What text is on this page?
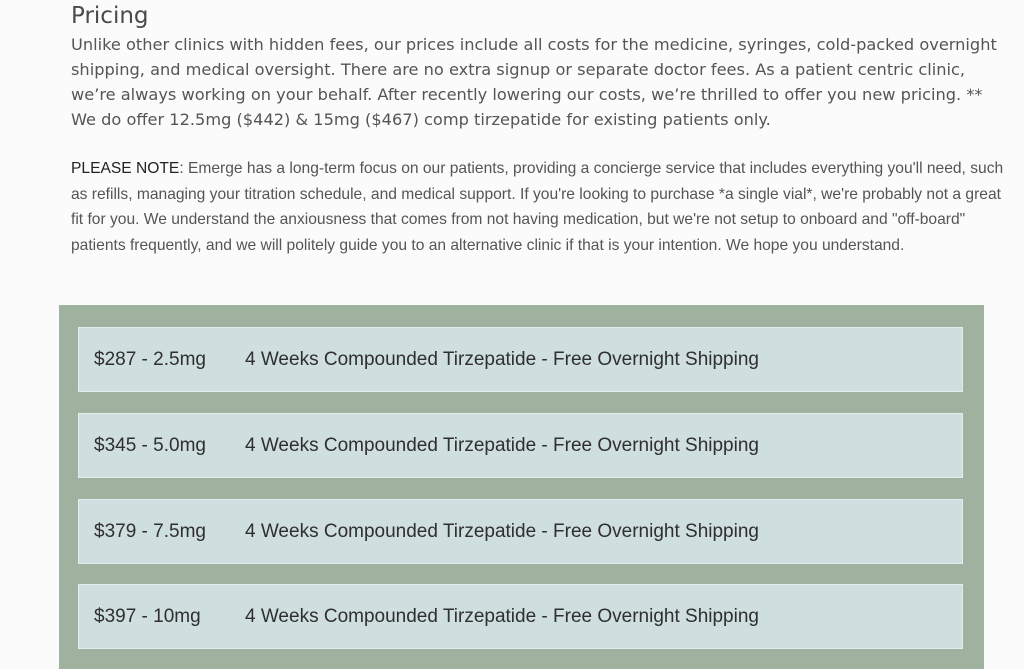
Pricing

Unlike other clinics with hidden fees, our prices include all costs for the medicine, syringes, cold-packed overnight shipping, and medical oversight. There are no extra signup or separate doctor fees. As a patient centric clinic, we’re always working on your behalf. After recently lowering our costs, we’re thrilled to offer you new pricing. ** We do offer 12.5mg ($442) & 15mg ($467) comp tirzepatide for existing patients only.

PLEASE NOTE: Emerge has a long-term focus on our patients, providing a concierge service that includes everything you'll need, such as refills, managing your titration schedule, and medical support. If you're looking to purchase *a single vial*, we're probably not a great fit for you. We understand the anxiousness that comes from not having medication, but we're not setup to onboard and "off-board" patients frequently, and we will politely guide you to an alternative clinic if that is your intention. We hope you understand.

$287 - 2.5mg 4 Weeks Compounded Tirzepatide - Free Overnight Shipping
$345 - 5.0mg 4 Weeks Compounded Tirzepatide - Free Overnight Shipping
$379 - 7.5mg 4 Weeks Compounded Tirzepatide - Free Overnight Shipping
$397 - 10mg 4 Weeks Compounded Tirzepatide - Free Overnight Shipping
